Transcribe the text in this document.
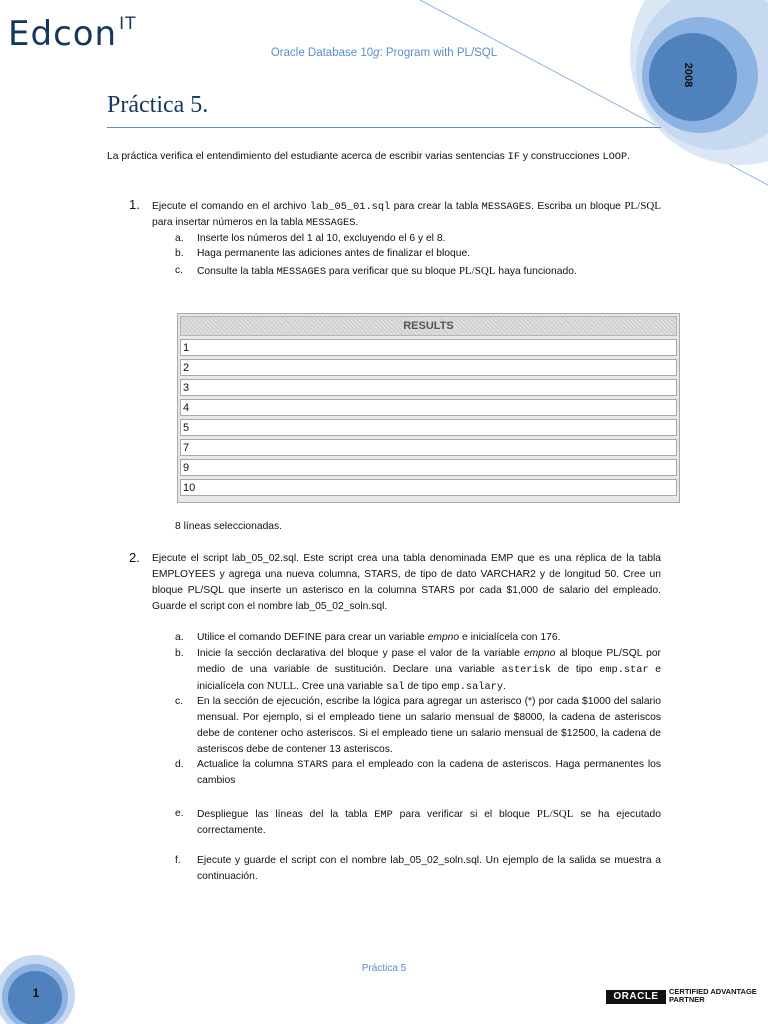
Edcon $^{IT}$
Oracle Database 10g: Program with PL/SQL
2008
Práctica 5.
La práctica verifica el entendimiento del estudiante acerca de escribir varias sentencias IF y construcciones LOOP.
1. Ejecute el comando en el archivo lab_05_01.sql para crear la tabla MESSAGES. Escriba un bloque PL/SQL para insertar números en la tabla MESSAGES.
a. Inserte los números del 1 al 10, excluyendo el 6 y el 8.
b. Haga permanente las adiciones antes de finalizar el bloque.
c. Consulte la tabla MESSAGES para verificar que su bloque PL/SQL haya funcionado.
RESULTS
1
2
3
4
5
7
9
10
8 líneas seleccionadas.
2. Ejecute el script lab_05_02.sql. Este script crea una tabla denominada EMP que es una réplica de la tabla EMPLOYEES y agrega una nueva columna, STARS, de tipo de dato VARCHAR2 y de longitud 50. Cree un bloque PL/SQL que inserte un asterisco en la columna STARS por cada $1,000 de salario del empleado. Guarde el script con el nombre lab_05_02_soln.sql.
a. Utilice el comando DEFINE para crear un variable empno e inicialícela con 176.
b. Inicie la sección declarativa del bloque y pase el valor de la variable empno al bloque PL/SQL por medio de una variable de sustitución. Declare una variable asterisk de tipo emp.star e inicialícela con NULL. Cree una variable sal de tipo emp.salary.
c. En la sección de ejecución, escribe la lógica para agregar un asterisco (*) por cada $1000 del salario mensual. Por ejemplo, si el empleado tiene un salario mensual de $8000, la cadena de asteriscos debe de contener ocho asteriscos. Si el empleado tiene un salario mensual de $12500, la cadena de asteriscos debe de contener 13 asteriscos.
d. Actualice la columna STARS para el empleado con la cadena de asteriscos. Haga permanentes los cambios
e. Despliegue las líneas del la tabla EMP para verificar si el bloque PL/SQL se ha ejecutado correctamente.
f. Ejecute y guarde el script con el nombre lab_05_02_soln.sql. Un ejemplo de la salida se muestra a continuación.
Práctica 5
1	ORACLE	CERTIFIED ADVANTAGE
PARTNER
